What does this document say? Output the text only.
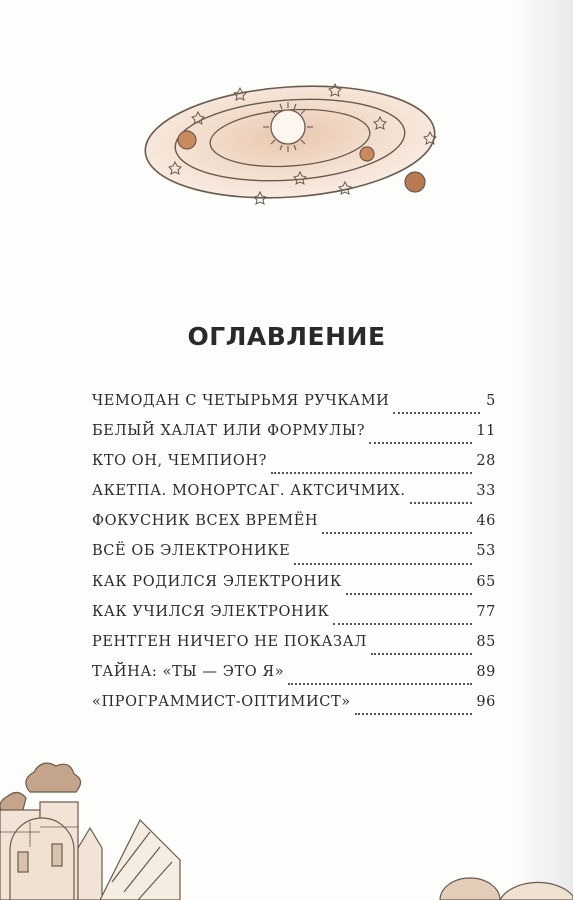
ОГЛАВЛЕНИЕ
ЧЕМОДАН С ЧЕТЫРЬМЯ РУЧКАМИ	5
БЕЛЫЙ ХАЛАТ ИЛИ ФОРМУЛЫ?	11
КТО ОН, ЧЕМПИОН?	28
АКЕТПА. МОНОРТСАГ. АКТСИЧМИХ.	33
ФОКУСНИК ВСЕХ ВРЕМЁН	46
ВСЁ ОБ ЭЛЕКТРОНИКЕ	53
КАК РОДИЛСЯ ЭЛЕКТРОНИК	65
КАК УЧИЛСЯ ЭЛЕКТРОНИК	77
РЕНТГЕН НИЧЕГО НЕ ПОКАЗАЛ	85
ТАЙНА: «ТЫ — ЭТО Я»	89
«ПРОГРАММИСТ-ОПТИМИСТ»	96
